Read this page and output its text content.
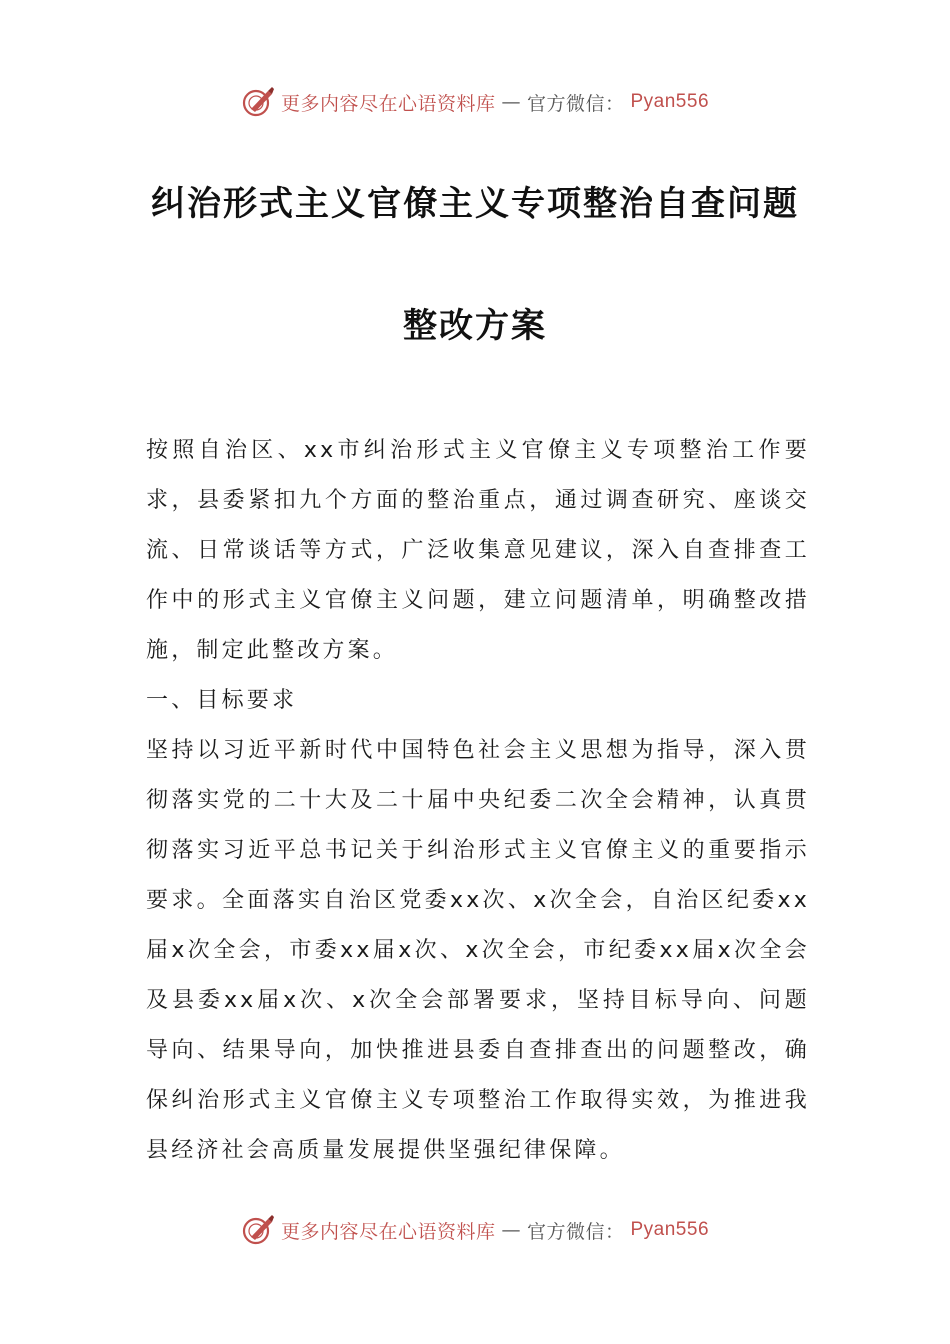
更多内容尽在心语资料库 — 官方微信： Pyan556
纠治形式主义官僚主义专项整治自查问题
整改方案

按照自治区、xx市纠治形式主义官僚主义专项整治工作要求，县委紧扣九个方面的整治重点，通过调查研究、座谈交流、日常谈话等方式，广泛收集意见建议，深入自查排查工作中的形式主义官僚主义问题，建立问题清单，明确整改措施，制定此整改方案。

一、目标要求

坚持以习近平新时代中国特色社会主义思想为指导，深入贯彻落实党的二十大及二十届中央纪委二次全会精神，认真贯彻落实习近平总书记关于纠治形式主义官僚主义的重要指示要求。全面落实自治区党委xx次、x次全会，自治区纪委xx届x次全会，市委xx届x次、x次全会，市纪委xx届x次全会及县委xx届x次、x次全会部署要求，坚持目标导向、问题导向、结果导向，加快推进县委自查排查出的问题整改，确保纠治形式主义官僚主义专项整治工作取得实效，为推进我县经济社会高质量发展提供坚强纪律保障。

更多内容尽在心语资料库 — 官方微信： Pyan556
